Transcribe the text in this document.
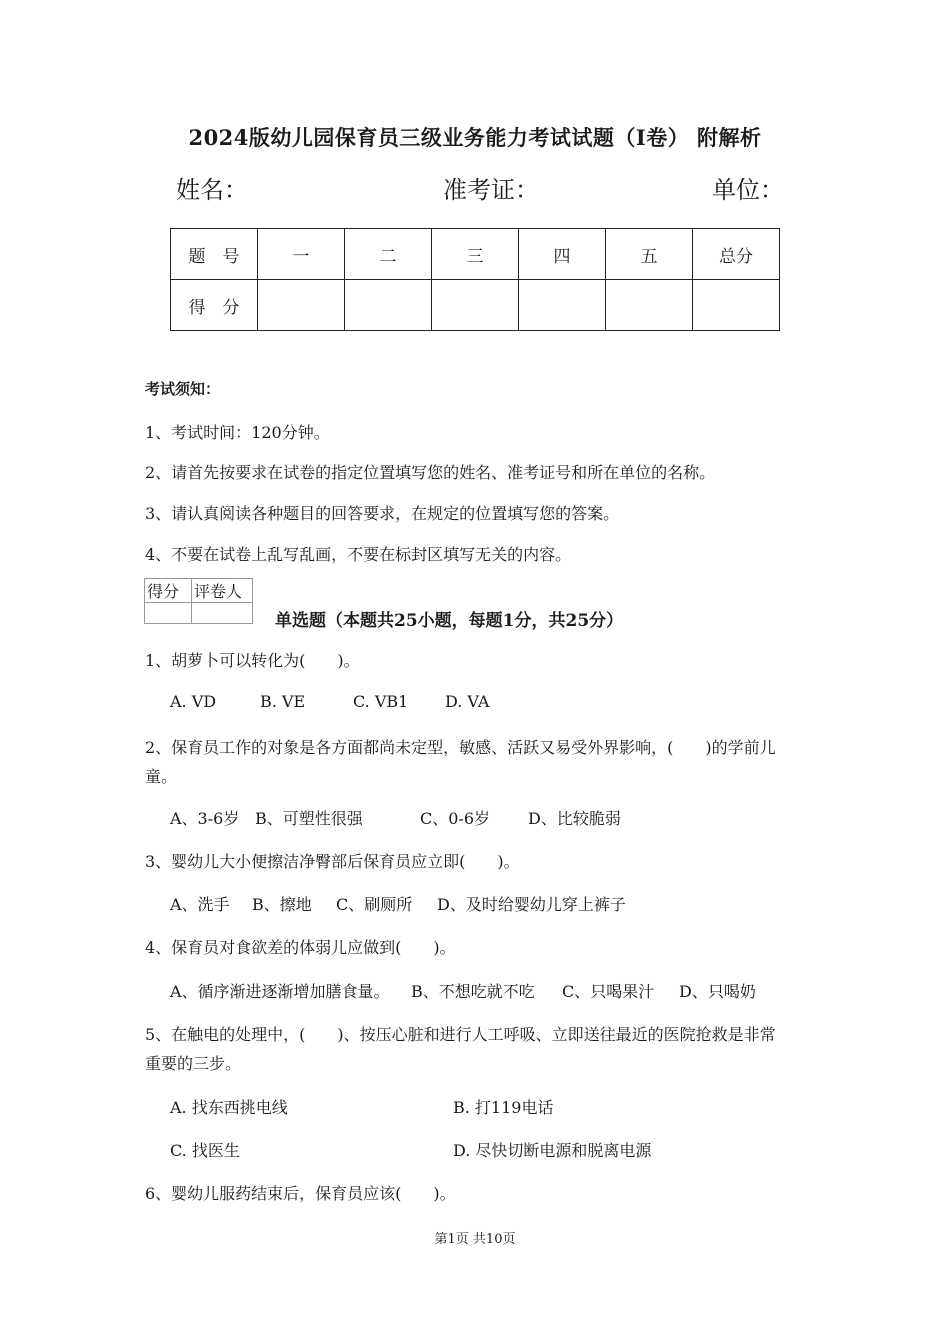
2024版幼儿园保育员三级业务能力考试试题（I卷） 附解析
姓名：	准考证：	单位：
题　号	一	二	三	四	五	总分
得　分						
考试须知：
1、考试时间：120分钟。
2、请首先按要求在试卷的指定位置填写您的姓名、准考证号和所在单位的名称。
3、请认真阅读各种题目的回答要求，在规定的位置填写您的答案。
4、不要在试卷上乱写乱画，不要在标封区填写无关的内容。
得分	评卷人

单选题（本题共25小题，每题1分，共25分）
1、胡萝卜可以转化为(　　)。
A. VD	B. VE	C. VB1 D. VA
2、保育员工作的对象是各方面都尚未定型，敏感、活跃又易受外界影响，(　　)的学前儿
童。
A、3-6岁 B、可塑性很强	C、0-6岁 D、比较脆弱
3、婴幼儿大小便擦洁净臀部后保育员应立即(　　)。
A、洗手 B、擦地 C、刷厕所 D、及时给婴幼儿穿上裤子
4、保育员对食欲差的体弱儿应做到(　　)。
A、循序渐进逐渐增加膳食量。 B、不想吃就不吃 C、只喝果汁 D、只喝奶
5、在触电的处理中，(　　)、按压心脏和进行人工呼吸、立即送往最近的医院抢救是非常
重要的三步。
A. 找东西挑电线	B. 打119电话
C. 找医生	D. 尽快切断电源和脱离电源
6、婴幼儿服药结束后，保育员应该(　　)。
第1页 共10页
